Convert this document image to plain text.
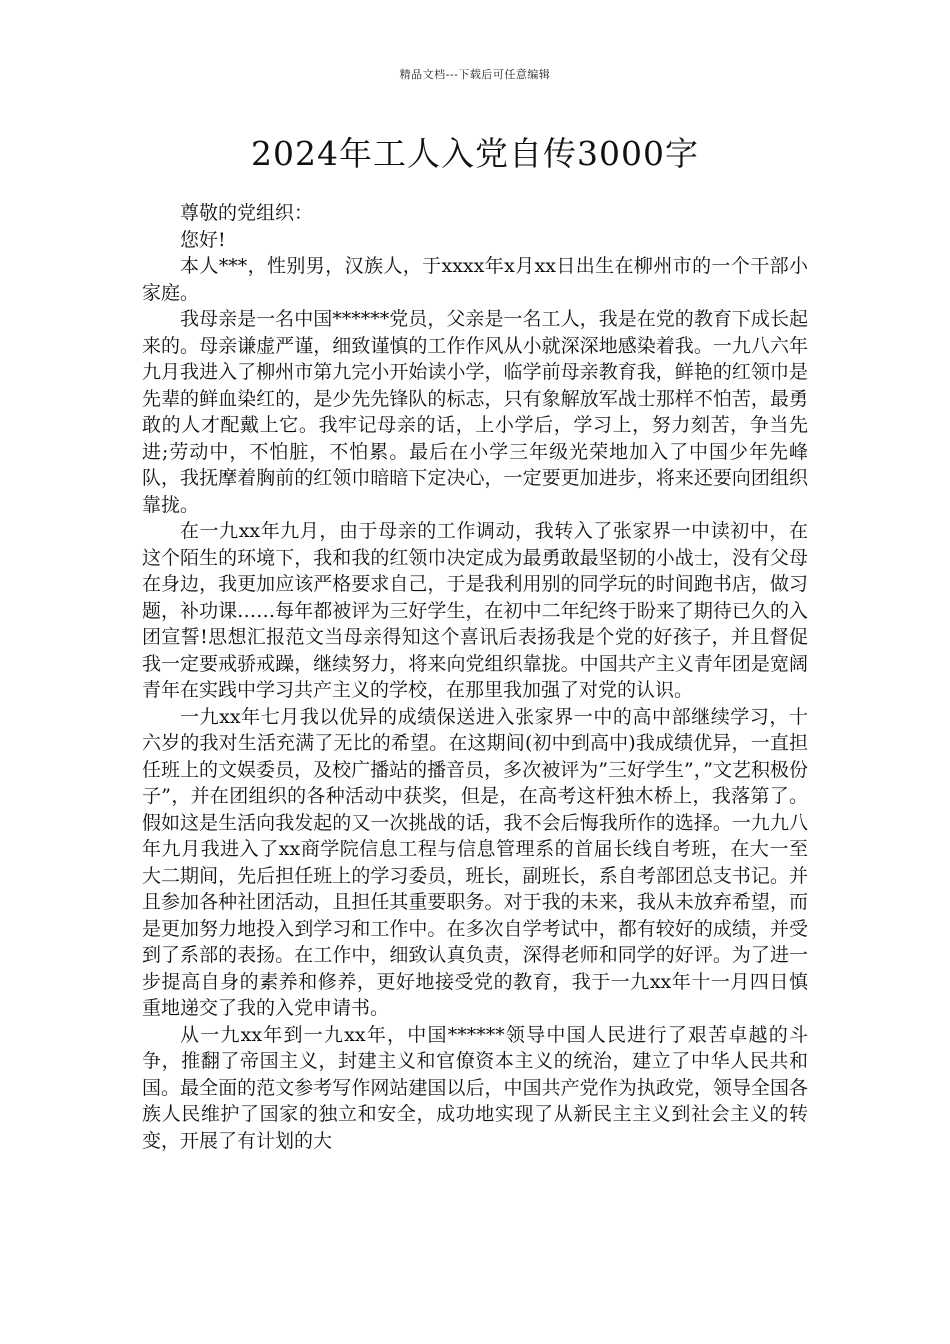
精品文档---下载后可任意编辑
2024年工人入党自传3000字

尊敬的党组织：

您好!

本人***，性别男，汉族人，于xxxx年x月xx日出生在柳州市的一个干部小家庭。

我母亲是一名中国******党员，父亲是一名工人，我是在党的教育下成长起来的。母亲谦虚严谨，细致谨慎的工作作风从小就深深地感染着我。一九八六年九月我进入了柳州市第九完小开始读小学，临学前母亲教育我，鲜艳的红领巾是先辈的鲜血染红的，是少先先锋队的标志，只有象解放军战士那样不怕苦，最勇敢的人才配戴上它。我牢记母亲的话，上小学后，学习上，努力刻苦，争当先进;劳动中，不怕脏，不怕累。最后在小学三年级光荣地加入了中国少年先峰队，我抚摩着胸前的红领巾暗暗下定决心，一定要更加进步，将来还要向团组织靠拢。

在一九xx年九月，由于母亲的工作调动，我转入了张家界一中读初中，在这个陌生的环境下，我和我的红领巾决定成为最勇敢最坚韧的小战士，没有父母在身边，我更加应该严格要求自己，于是我利用别的同学玩的时间跑书店，做习题，补功课……每年都被评为三好学生，在初中二年纪终于盼来了期待已久的入团宣誓!思想汇报范文当母亲得知这个喜讯后表扬我是个党的好孩子，并且督促我一定要戒骄戒躁，继续努力，将来向党组织靠拢。中国共产主义青年团是宽阔青年在实践中学习共产主义的学校，在那里我加强了对党的认识。

一九xx年七月我以优异的成绩保送进入张家界一中的高中部继续学习，十六岁的我对生活充满了无比的希望。在这期间(初中到高中)我成绩优异，一直担任班上的文娱委员，及校广播站的播音员，多次被评为”三好学生”，”文艺积极份子”，并在团组织的各种活动中获奖，但是，在高考这杆独木桥上，我落第了。假如这是生活向我发起的又一次挑战的话，我不会后悔我所作的选择。一九九八年九月我进入了xx商学院信息工程与信息管理系的首届长线自考班，在大一至大二期间，先后担任班上的学习委员，班长，副班长，系自考部团总支书记。并且参加各种社团活动，且担任其重要职务。对于我的未来，我从未放弃希望，而是更加努力地投入到学习和工作中。在多次自学考试中，都有较好的成绩，并受到了系部的表扬。在工作中，细致认真负责，深得老师和同学的好评。为了进一步提高自身的素养和修养，更好地接受党的教育，我于一九xx年十一月四日慎重地递交了我的入党申请书。

从一九xx年到一九xx年，中国******领导中国人民进行了艰苦卓越的斗争，推翻了帝国主义，封建主义和官僚资本主义的统治，建立了中华人民共和国。最全面的范文参考写作网站建国以后，中国共产党作为执政党，领导全国各族人民维护了国家的独立和安全，成功地实现了从新民主主义到社会主义的转变，开展了有计划的大
